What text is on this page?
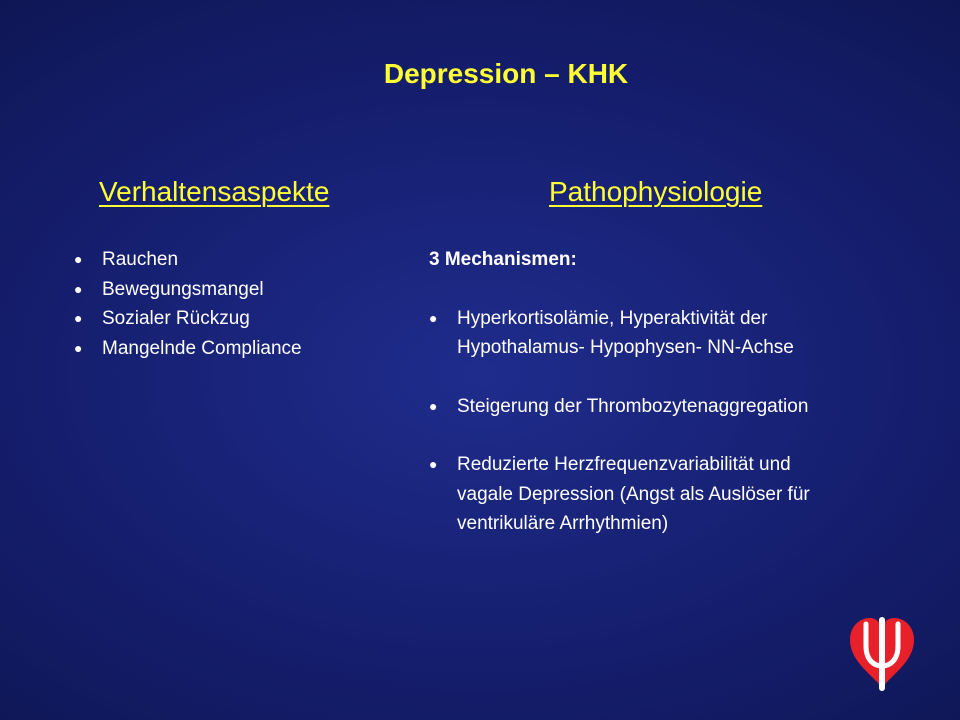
Depression – KHK
Verhaltensaspekte	Pathophysiologie
● Rauchen
● Bewegungsmangel
● Sozialer Rückzug
● Mangelnde Compliance
3 Mechanismen:
●	Hyperkortisolämie, Hyperaktivität der
Hypothalamus- Hypophysen- NN-Achse
●	Steigerung der Thrombozytenaggregation
●	Reduzierte Herzfrequenzvariabilität und
vagale Depression (Angst als Auslöser für
ventrikuläre Arrhythmien)
